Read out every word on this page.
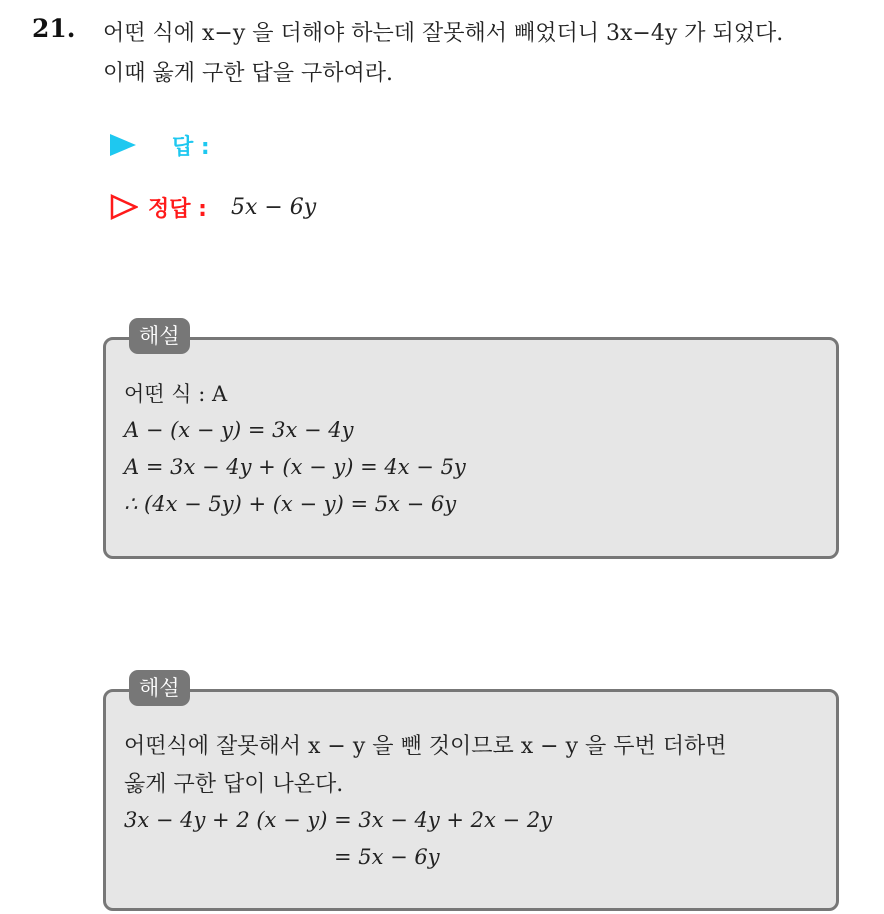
21. 어떤 식에 x−y 을 더해야 하는데 잘못해서 빼었더니 3x−4y 가 되었다.
이때 옳게 구한 답을 구하여라.
답 :
정답 : 5x − 6y
해설
어떤 식 : A
A − (x − y) = 3x − 4y
A = 3x − 4y + (x − y) = 4x − 5y
∴ (4x − 5y) + (x − y) = 5x − 6y
해설
어떤식에 잘못해서 x − y 을 뺀 것이므로 x − y 을 두번 더하면
옳게 구한 답이 나온다.
3x − 4y + 2 (x − y) = 3x − 4y + 2x − 2y
= 5x − 6y
